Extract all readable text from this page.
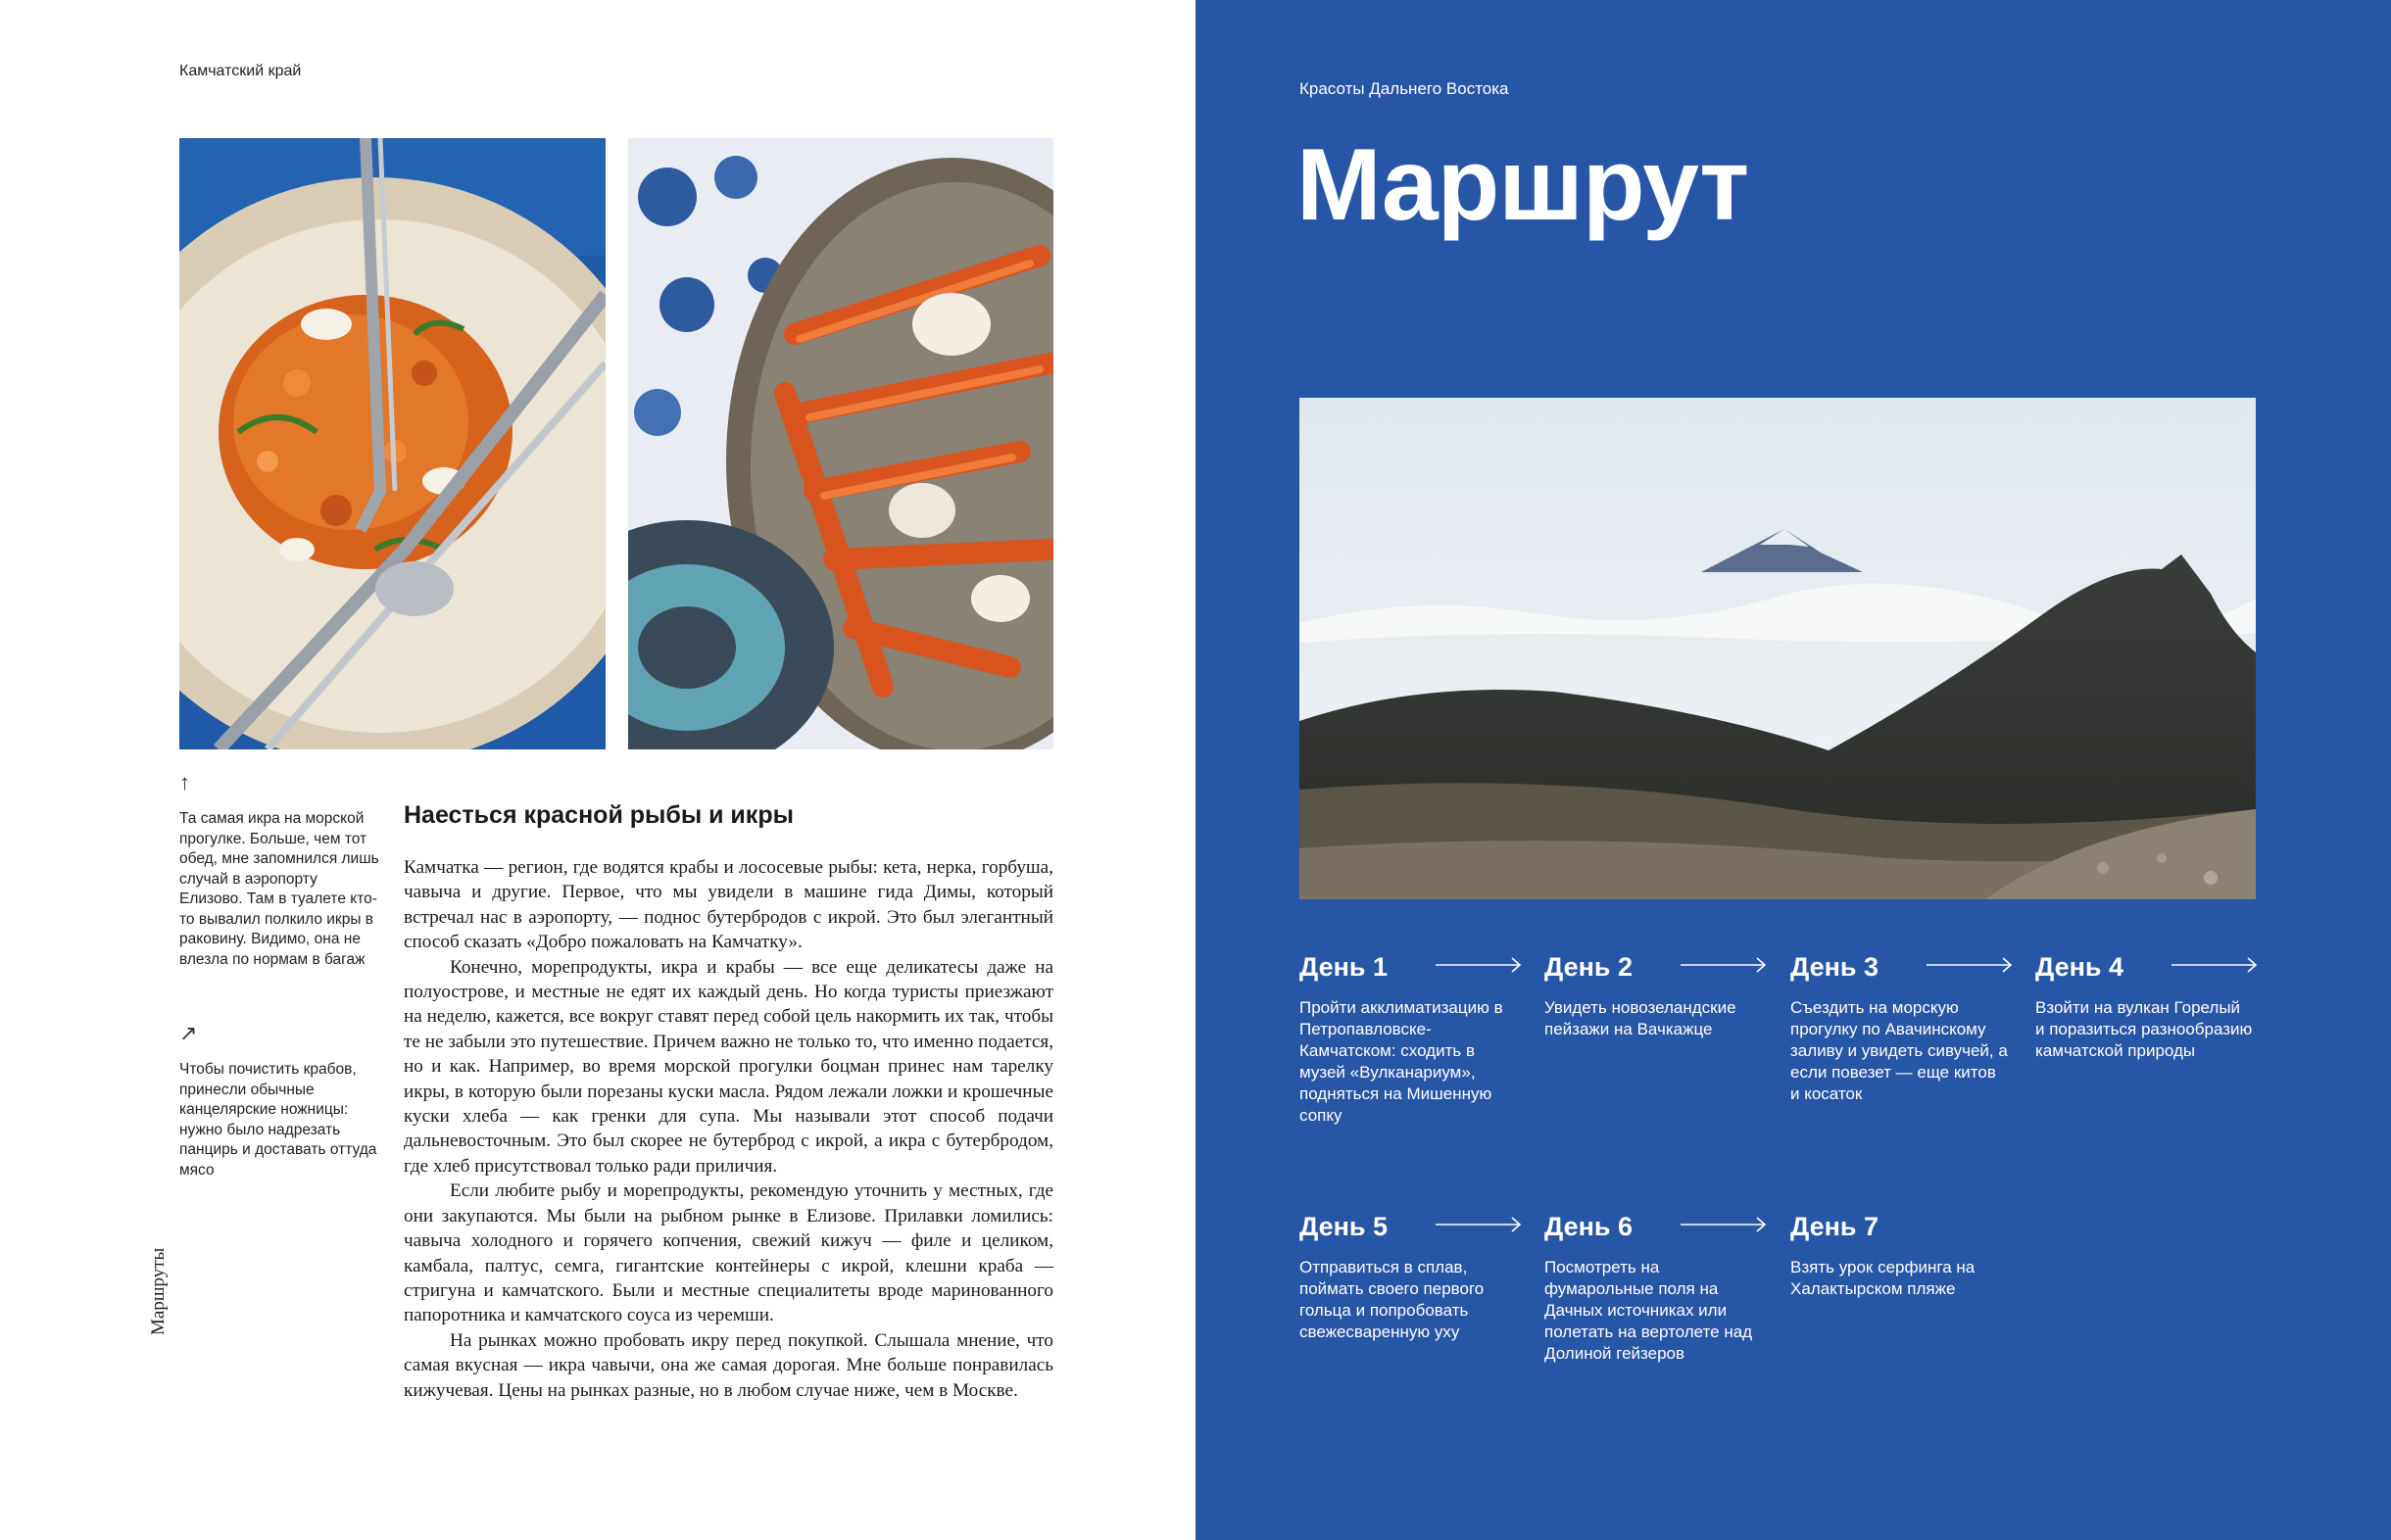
Камчатский край
↑
Та самая икра на морской прогулке. Больше, чем тот обед, мне запомнился лишь случай в аэропорту Елизово. Там в туалете кто-то вывалил полкило икры в раковину. Видимо, она не влезла по нормам в багаж
↗
Чтобы почистить крабов, принесли обычные канцелярские ножницы: нужно было надрезать панцирь и доставать оттуда мясо
Наесться красной рыбы и икры

Камчатка — регион, где водятся крабы и лососевые рыбы: кета, нерка, горбуша, чавыча и другие. Первое, что мы увидели в машине гида Димы, который встречал нас в аэропорту, — поднос бутербродов с икрой. Это был элегантный способ сказать «Добро пожаловать на Камчатку».

Конечно, морепродукты, икра и крабы — все еще деликатесы даже на полуострове, и местные не едят их каждый день. Но когда туристы приезжают на неделю, кажется, все вокруг ставят перед собой цель накормить их так, чтобы те не забыли это путешествие. Причем важно не только то, что именно подается, но и как. Например, во время морской прогулки боцман принес нам тарелку икры, в которую были порезаны куски масла. Рядом лежали ложки и крошечные куски хлеба — как гренки для супа. Мы называли этот способ подачи дальневосточным. Это был скорее не бутерброд с икрой, а икра с бутербродом, где хлеб присутствовал только ради приличия.

Если любите рыбу и морепродукты, рекомендую уточнить у местных, где они закупаются. Мы были на рыбном рынке в Елизове. Прилавки ломились: чавыча холодного и горячего копчения, свежий кижуч — филе и целиком, камбала, палтус, семга, гигантские контейнеры с икрой, клешни краба — стригуна и камчатского. Были и местные специалитеты вроде маринованного папоротника и камчатского соуса из черемши.

На рынках можно пробовать икру перед покупкой. Слышала мнение, что самая вкусная — икра чавычи, она же самая дорогая. Мне больше понравилась кижучевая. Цены на рынках разные, но в любом случае ниже, чем в Москве.

Маршруты
Красоты Дальнего Востока
Маршрут
День 1
Пройти акклиматизацию в Петропавловске-Камчатском: сходить в музей «Вулканариум», подняться на Мишенную сопку
День 2
Увидеть новозеландские пейзажи на Вачкажце
День 3
Съездить на морскую прогулку по Авачинскому заливу и увидеть сивучей, а если повезет — еще китов и косаток
День 4
Взойти на вулкан Горелый и поразиться разнообразию камчатской природы
День 5
Отправиться в сплав, поймать своего первого гольца и попробовать свежесваренную уху
День 6
Посмотреть на фумарольные поля на Дачных источниках или полетать на вертолете над Долиной гейзеров
День 7
Взять урок серфинга на Халактырском пляже
